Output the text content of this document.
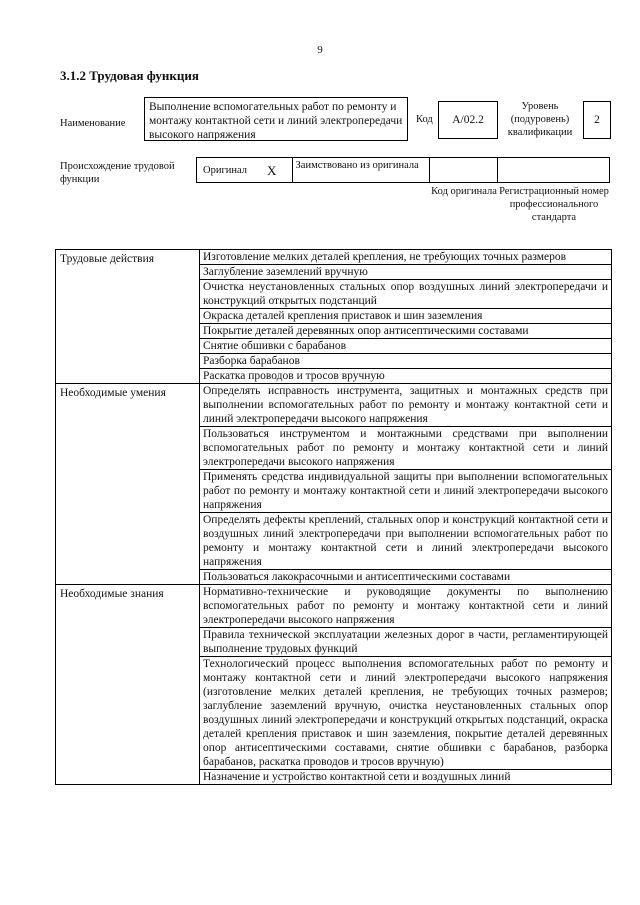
9
3.1.2 Трудовая функция
Наименование
Выполнение вспомогательных работ по ремонту и монтажу контактной сети и линий электропередачи высокого напряжения
Код A/02.2
Уровень (подуровень) квалификации
2
Происхождение трудовой функции
Оригинал X Заимствовано из оригинала
Код оригинала Регистрационный номер профессионального стандарта
Трудовые действия	Изготовление мелких деталей крепления, не требующих точных размеров
	Заглубление заземлений вручную
	Очистка неустановленных стальных опор воздушных линий электропередачи и конструкций открытых подстанций
	Окраска деталей крепления приставок и шин заземления
	Покрытие деталей деревянных опор антисептическими составами
	Снятие обшивки с барабанов
	Разборка барабанов
	Раскатка проводов и тросов вручную
Необходимые умения	Определять исправность инструмента, защитных и монтажных средств при выполнении вспомогательных работ по ремонту и монтажу контактной сети и линий электропередачи высокого напряжения
	Пользоваться инструментом и монтажными средствами при выполнении вспомогательных работ по ремонту и монтажу контактной сети и линий электропередачи высокого напряжения
	Применять средства индивидуальной защиты при выполнении вспомогательных работ по ремонту и монтажу контактной сети и линий электропередачи высокого напряжения
	Определять дефекты креплений, стальных опор и конструкций контактной сети и воздушных линий электропередачи при выполнении вспомогательных работ по ремонту и монтажу контактной сети и линий электропередачи высокого напряжения
	Пользоваться лакокрасочными и антисептическими составами
Необходимые знания	Нормативно-технические и руководящие документы по выполнению вспомогательных работ по ремонту и монтажу контактной сети и линий электропередачи высокого напряжения
	Правила технической эксплуатации железных дорог в части, регламентирующей выполнение трудовых функций
	Технологический процесс выполнения вспомогательных работ по ремонту и монтажу контактной сети и линий электропередачи высокого напряжения (изготовление мелких деталей крепления, не требующих точных размеров; заглубление заземлений вручную, очистка неустановленных стальных опор воздушных линий электропередачи и конструкций открытых подстанций, окраска деталей крепления приставок и шин заземления, покрытие деталей деревянных опор антисептическими составами, снятие обшивки с барабанов, разборка барабанов, раскатка проводов и тросов вручную)
	Назначение и устройство контактной сети и воздушных линий
